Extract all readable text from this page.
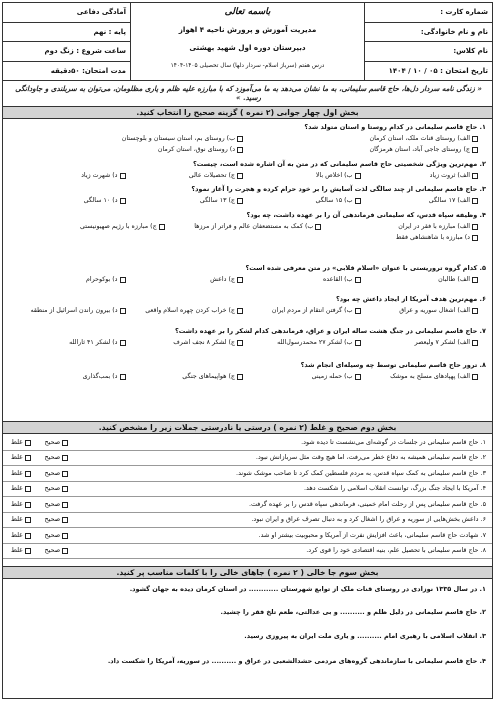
شماره کارت :
نام و نام خانوادگی:
نام کلاس:
تاریخ امتحان : ۰۵ / ۱۰ / ۱۴۰۴
باسمه تعالی
مدیریت آموزش و پرورش ناحیه ۴ اهواز
دبیرستان دوره اول شهید بهشتی
درس هفتم (سرباز اسلام- سردار دلها) سال تحصیلی ۱۴۰۵-۱۴۰۴
آمادگی دفاعی
پایه : نهم
ساعت شروع : زنگ دوم
مدت امتحان: ۵۰دقیقه
« زندگی نامه سردار دل‌ها، حاج قاسم سلیمانی، به ما نشان می‌دهد به ما می‌آموزد که با مبارزه علیه ظلم و یاری مظلومان، می‌توان به سربلندی و جاودانگی رسید. »
بخش اول چهار جوابی (۲ نمره ) گزینه صحیح را انتخاب کنید.
۱. حاج قاسم سلیمانی در کدام روستا و استان متولد شد؟
الف) روستای قنات ملک، استان کرمان
ب) روستای بم، استان سیستان و بلوچستان
ج) روستای جاجی آباد، استان هرمزگان
د) روستای نوق، استان کرمان
۲. مهم‌ترین ویژگی شخصیتی حاج قاسم سلیمانی که در متن به آن اشاره شده است، چیست؟
الف) ثروت زیاد
ب) اخلاص بالا
ج) تحصیلات عالی
د) شهرت زیاد
۳. حاج قاسم سلیمانی از چند سالگی لذت آسایش را بر خود حرام کرده و هجرت را آغاز نمود؟
الف) ۱۷ سالگی
ب) ۱۵ سالگی
ج) ۱۳ سالگی
د) ۱۰ سالگی
۴. وظیفه سپاه قدس، که سلیمانی فرماندهی آن را بر عهده داشت، چه بود؟
الف) مبارزه با فقر در ایران
ب) کمک به مستضعفان عالم و فراتر از مرزها
ج) مبارزه با رژیم صهیونیستی
د) مبارزه با شاهنشاهی فقط
۵. کدام گروه تروریستی با عنوان «اسلام قلابی» در متن معرفی شده است؟
الف) طالبان
ب) القاعده
ج) داعش
د) بوکوحرام
۶. مهم‌ترین هدف آمریکا از ایجاد داعش چه بود؟
الف) اشغال سوریه و عراق
ب) گرفتن انتقام از مردم ایران
ج) خراب کردن چهره اسلام واقعی
د) بیرون راندن اسرائیل از منطقه
۷. حاج قاسم سلیمانی در جنگ هشت ساله ایران و عراق، فرماندهی کدام لشکر را بر عهده داشت؟
الف) لشکر ۷ ولیعصر
ب) لشکر ۲۷ محمدرسول‌الله
ج) لشکر ۸ نجف اشرف
د) لشکر ۴۱ ثارالله
۸. ترور حاج قاسم سلیمانی توسط چه وسیله‌ای انجام شد؟
الف) پهپادهای مسلح به موشک
ب) حمله زمینی
ج) هواپیماهای جنگی
د) بمب‌گذاری
بخش دوم صحیح و غلط (۲ نمره ) درستی یا نادرستی جملات زیر را مشخص کنید.
۱. حاج قاسم سلیمانی در جلسات در گوشه‌ای می‌نشست تا دیده شود.
صحیح
غلط
۲. حاج قاسم سلیمانی همیشه به دفاع خطر می‌رفت، اما هیچ وقت مثل سربازانش نبود.
صحیح
غلط
۳. حاج قاسم سلیمانی به کمک سپاه قدس، به مردم فلسطین کمک کرد تا صاحب موشک شوند.
صحیح
غلط
۴. آمریکا با ایجاد جنگ بزرگ، توانست انقلاب اسلامی را شکست دهد.
صحیح
غلط
۵. حاج قاسم سلیمانی پس از رحلت امام خمینی، فرماندهی سپاه قدس را بر عهده گرفت.
صحیح
غلط
۶. داعش بخش‌هایی از سوریه و عراق را اشغال کرد و به دنبال تصرف عراق و ایران نبود.
صحیح
غلط
۷. شهادت حاج قاسم سلیمانی، باعث افزایش نفرت از آمریکا و محبوبیت بیشتر او شد.
صحیح
غلط
۸. حاج قاسم سلیمانی با تحصیل علم، بنیه اقتصادی خود را قوی کرد.
صحیح
غلط
بخش سوم جا خالی ( ۲ نمره ) جاهای خالی را با کلمات مناسب پر کنید.
۱. در سال ۱۳۳۵ نوزادی در روستای قنات ملک از توابع شهرستان ............ در استان کرمان دیده به جهان گشود.
۲. حاج قاسم سلیمانی در دلیل ظلم و .......... و بی عدالتی، طعم تلخ فقر را چشید.
۳. انقلاب اسلامی با رهبری امام .......... و یاری ملت ایران به پیروزی رسید.
۴. حاج قاسم سلیمانی با سازماندهی گروه‌های مردمی حشدالشعبی در عراق و .......... در سوریه، آمریکا را شکست داد.
